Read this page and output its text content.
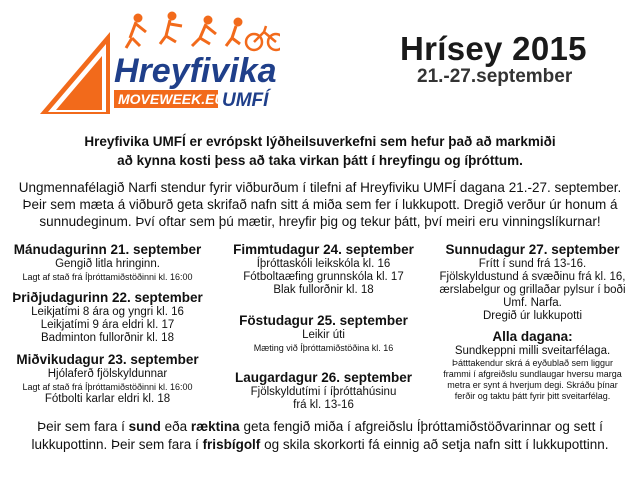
Hreyfivika
MOVEWEEK.EU
UMFÍ
Hrísey 2015
21.-27.september
Hreyfivika UMFÍ er evrópskt lýðheilsuverkefni sem hefur það að markmiði
að kynna kosti þess að taka virkan þátt í hreyfingu og íþróttum.
Ungmennafélagið Narfi stendur fyrir viðburðum í tilefni af Hreyfiviku UMFÍ dagana 21.-27. september.
Þeir sem mæta á viðburð geta skrifað nafn sitt á miða sem fer í lukkupott. Dregið verður úr honum á
sunnudeginum. Því oftar sem þú mætir, hreyfir þig og tekur þátt, því meiri eru vinningslíkurnar!
Mánudagurinn 21. september
Gengið litla hringinn.
Lagt af stað frá Íþróttamiðstöðinni kl. 16:00
Þriðjudagurinn 22. september
Leikjatími 8 ára og yngri kl. 16
Leikjatími 9 ára eldri kl. 17
Badminton fullorðnir kl. 18
Miðvikudagur 23. september
Hjólaferð fjölskyldunnar
Lagt af stað frá Íþróttamiðstöðinni kl. 16:00
Fótbolti karlar eldri kl. 18
Fimmtudagur 24. september
Íþróttaskóli leikskóla kl. 16
Fótboltaæfing grunnskóla kl. 17
Blak fullorðnir kl. 18
Föstudagur 25. september
Leikir úti
Mæting við Íþróttamiðstöðina kl. 16
Laugardagur 26. september
Fjölskyldutími í íþróttahúsinu
frá kl. 13-16
Sunnudagur 27. september
Frítt í sund frá 13-16.
Fjölskyldustund á svæðinu frá kl. 16,
ærslabelgur og grillaðar pylsur í boði
Umf. Narfa.
Dregið úr lukkupotti
Alla dagana:
Sundkeppni milli sveitarfélaga.
Þátttakendur skrá á eyðublað sem liggur
frammi í afgreiðslu sundlaugar hversu marga
metra er synt á hverjum degi. Skráðu þínar
ferðir og taktu þátt fyrir þitt sveitarfélag.
Þeir sem fara í sund eða ræktina geta fengið miða í afgreiðslu Íþróttamiðstöðvarinnar og sett í
lukkupottinn. Þeir sem fara í frisbígolf og skila skorkorti fá einnig að setja nafn sitt í lukkupottinn.
